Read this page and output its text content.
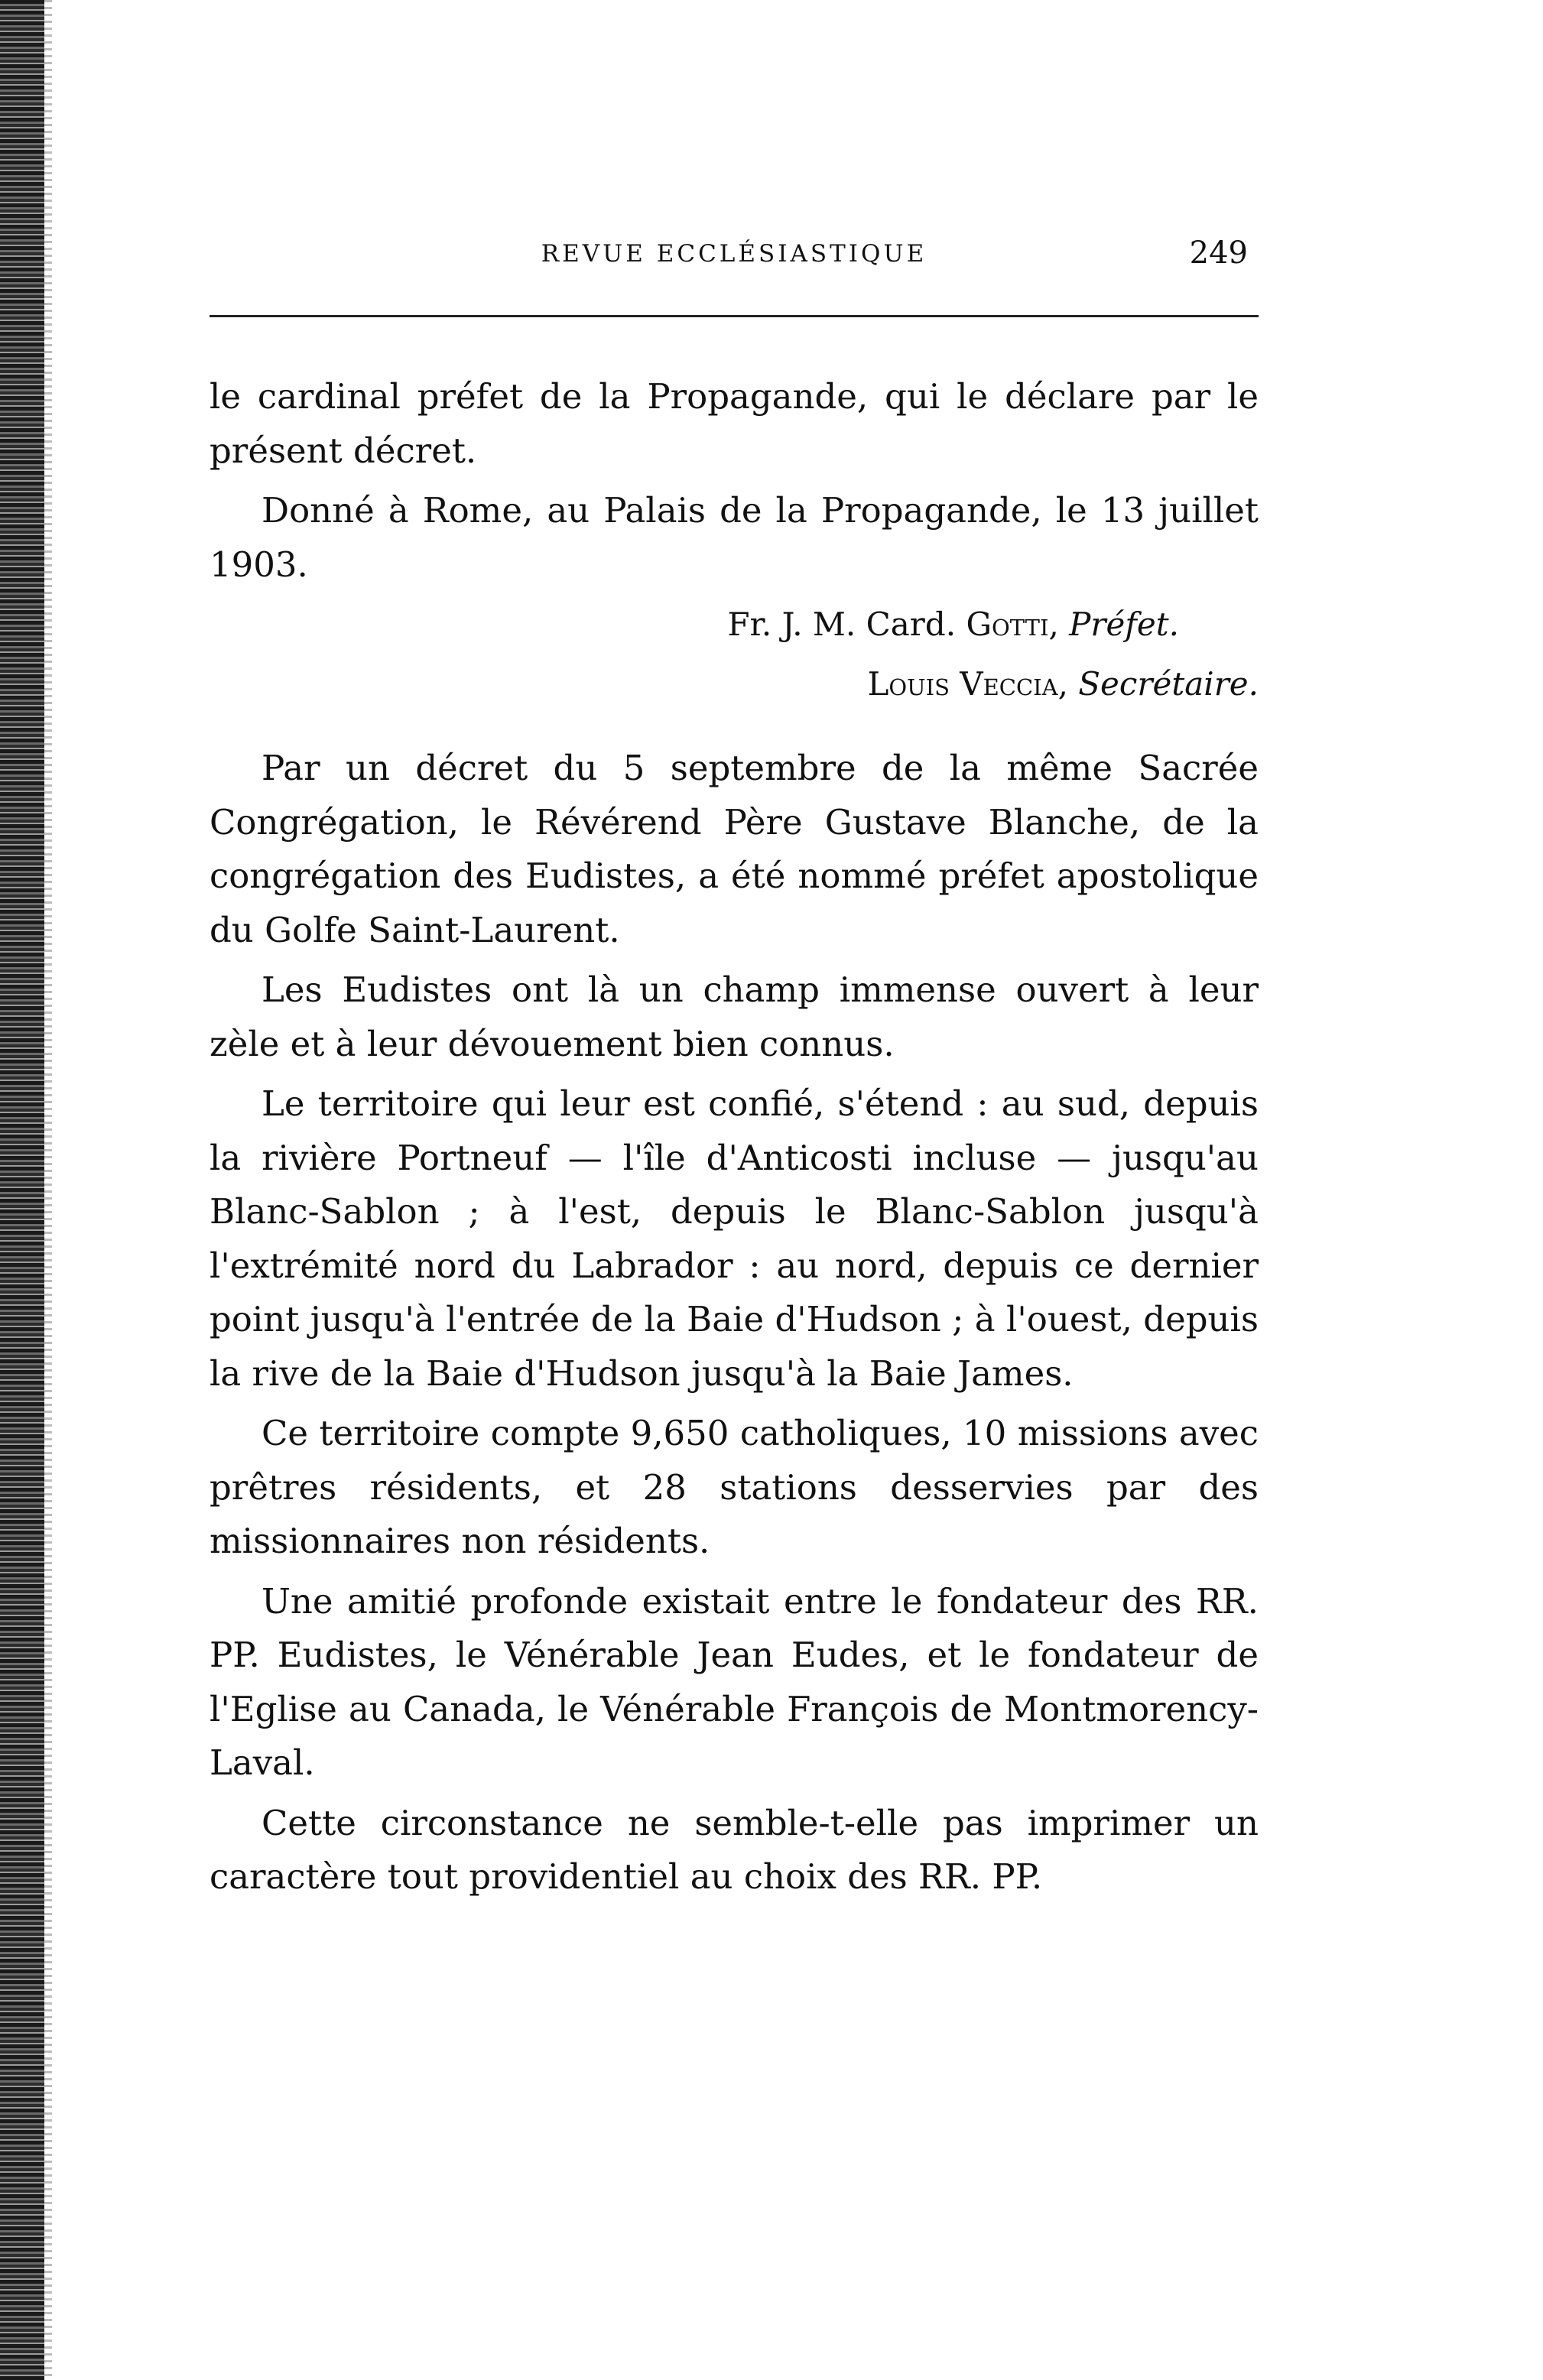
REVUE ECCLÉSIASTIQUE	249

le cardinal préfet de la Propagande, qui le déclare par le présent décret.

Donné à Rome, au Palais de la Propagande, le 13 juillet 1903.

Fr. J. M. Card. Gotti, Préfet.

Louis Veccia, Secrétaire.

Par un décret du 5 septembre de la même Sacrée Congrégation, le Révérend Père Gustave Blanche, de la congrégation des Eudistes, a été nommé préfet apostolique du Golfe Saint-Laurent.

Les Eudistes ont là un champ immense ouvert à leur zèle et à leur dévouement bien connus.

Le territoire qui leur est confié, s'étend : au sud, depuis la rivière Portneuf — l'île d'Anticosti incluse — jusqu'au Blanc-Sablon ; à l'est, depuis le Blanc-Sablon jusqu'à l'extrémité nord du Labrador : au nord, depuis ce dernier point jusqu'à l'entrée de la Baie d'Hudson ; à l'ouest, depuis la rive de la Baie d'Hudson jusqu'à la Baie James.

Ce territoire compte 9,650 catholiques, 10 missions avec prêtres résidents, et 28 stations desservies par des missionnaires non résidents.

Une amitié profonde existait entre le fondateur des RR. PP. Eudistes, le Vénérable Jean Eudes, et le fondateur de l'Eglise au Canada, le Vénérable François de Montmorency-Laval.

Cette circonstance ne semble-t-elle pas imprimer un caractère tout providentiel au choix des RR. PP.
